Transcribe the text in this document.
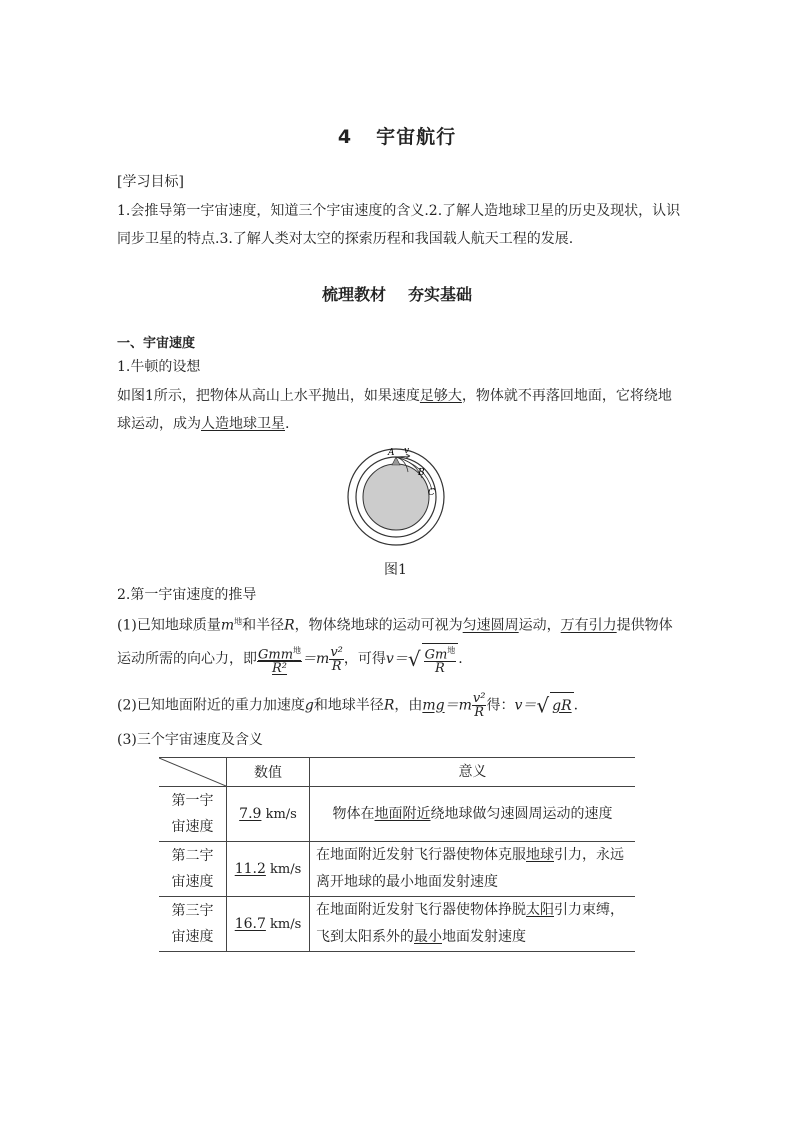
4 宇宙航行
[学习目标]
1.会推导第一宇宙速度，知道三个宇宙速度的含义.2.了解人造地球卫星的历史及现状，认识
同步卫星的特点.3.了解人类对太空的探索历程和我国载人航天工程的发展.
梳理教材 夯实基础
一、宇宙速度
1.牛顿的设想
如图1所示，把物体从高山上水平抛出，如果速度足够大，物体就不再落回地面，它将绕地
球运动，成为人造地球卫星.
A v
B
C
图1
2.第一宇宙速度的推导
(1)已知地球质量$m^地$和半径R，物体绕地球的运动可视为匀速圆周运动，万有引力提供物体
运动所需的向心力，即 $\frac{Gmm^地}{\text{R²}} =m \frac{\text{v²}}{R}$ ，可得$v=√ \frac{Gm^地}{R}$ .
(2)已知地面附近的重力加速度g和地球半径R，由$mg=m \frac{\text{v²}}{R}$ 得：v＝√ gR .
(3)三个宇宙速度及含义
	数值	意义
第一宇
宙速度	7.9 km/s	物体在地面附近绕地球做匀速圆周运动的速度
第二宇
宙速度	11.2 km/s	在地面附近发射飞行器使物体克服地球引力，永远
离开地球的最小地面发射速度
第三宇
宙速度	16.7 km/s	在地面附近发射飞行器使物体挣脱太阳引力束缚，
飞到太阳系外的最小地面发射速度
